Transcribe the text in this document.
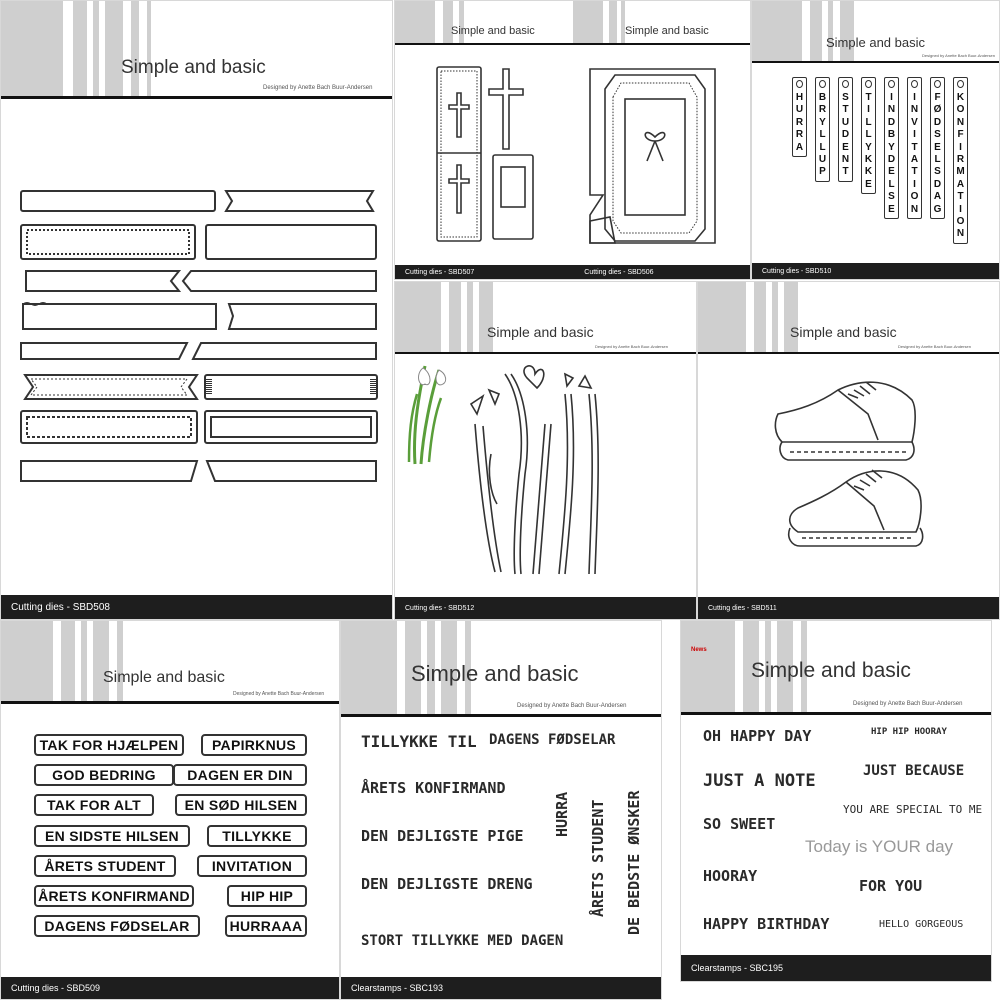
Simple and basic
Designed by Anette Bach Buur-Andersen
Cutting dies - SBD508
Simple and basic	Simple and basic
Cutting dies - SBD507	Cutting dies - SBD506
Simple and basic
Designed by Anette Bach Buur-Andersen
H
U
R
R
A
B
R
Y
L
L
U
P
S
T
U
D
E
N
T
T
I
L
L
Y
K
K
E
I
N
D
B
Y
D
E
L
S
E
I
N
V
I
T
A
T
I
O
N
F
Ø
D
S
E
L
S
D
A
G
K
O
N
F
I
R
M
A
T
I
O
N
Cutting dies - SBD510
Simple and basic
Designed by Anette Bach Buur-Andersen
Cutting dies - SBD512
Simple and basic
Designed by Anette Bach Buur-Andersen
Cutting dies - SBD511
Simple and basic
Designed by Anette Bach Buur-Andersen
TAK FOR HJÆLPEN	PAPIRKNUS
GOD BEDRING	DAGEN ER DIN
TAK FOR ALT	EN SØD HILSEN
EN SIDSTE HILSEN	TILLYKKE
ÅRETS STUDENT	INVITATION
ÅRETS KONFIRMAND	HIP HIP
DAGENS FØDSELAR	HURRAAA
Cutting dies - SBD509
Simple and basic
Designed by Anette Bach Buur-Andersen
TILLYKKE TIL DAGENS FØDSELAR
ÅRETS KONFIRMAND
DEN DEJLIGSTE PIGE
DEN DEJLIGSTE DRENG
STORT TILLYKKE MED DAGEN
HURRA ÅRETS STUDENT DE BEDSTE ØNSKER
Clearstamps - SBC193
News
Simple and basic
Designed by Anette Bach Buur-Andersen
OH HAPPY DAY	HIP HIP HOORAY
JUST A NOTE	JUST BECAUSE
SO SWEET
YOU ARE SPECIAL TO ME
Today is YOUR day
HOORAY
FOR YOU
HAPPY BIRTHDAY	HELLO GORGEOUS
Clearstamps - SBC195
